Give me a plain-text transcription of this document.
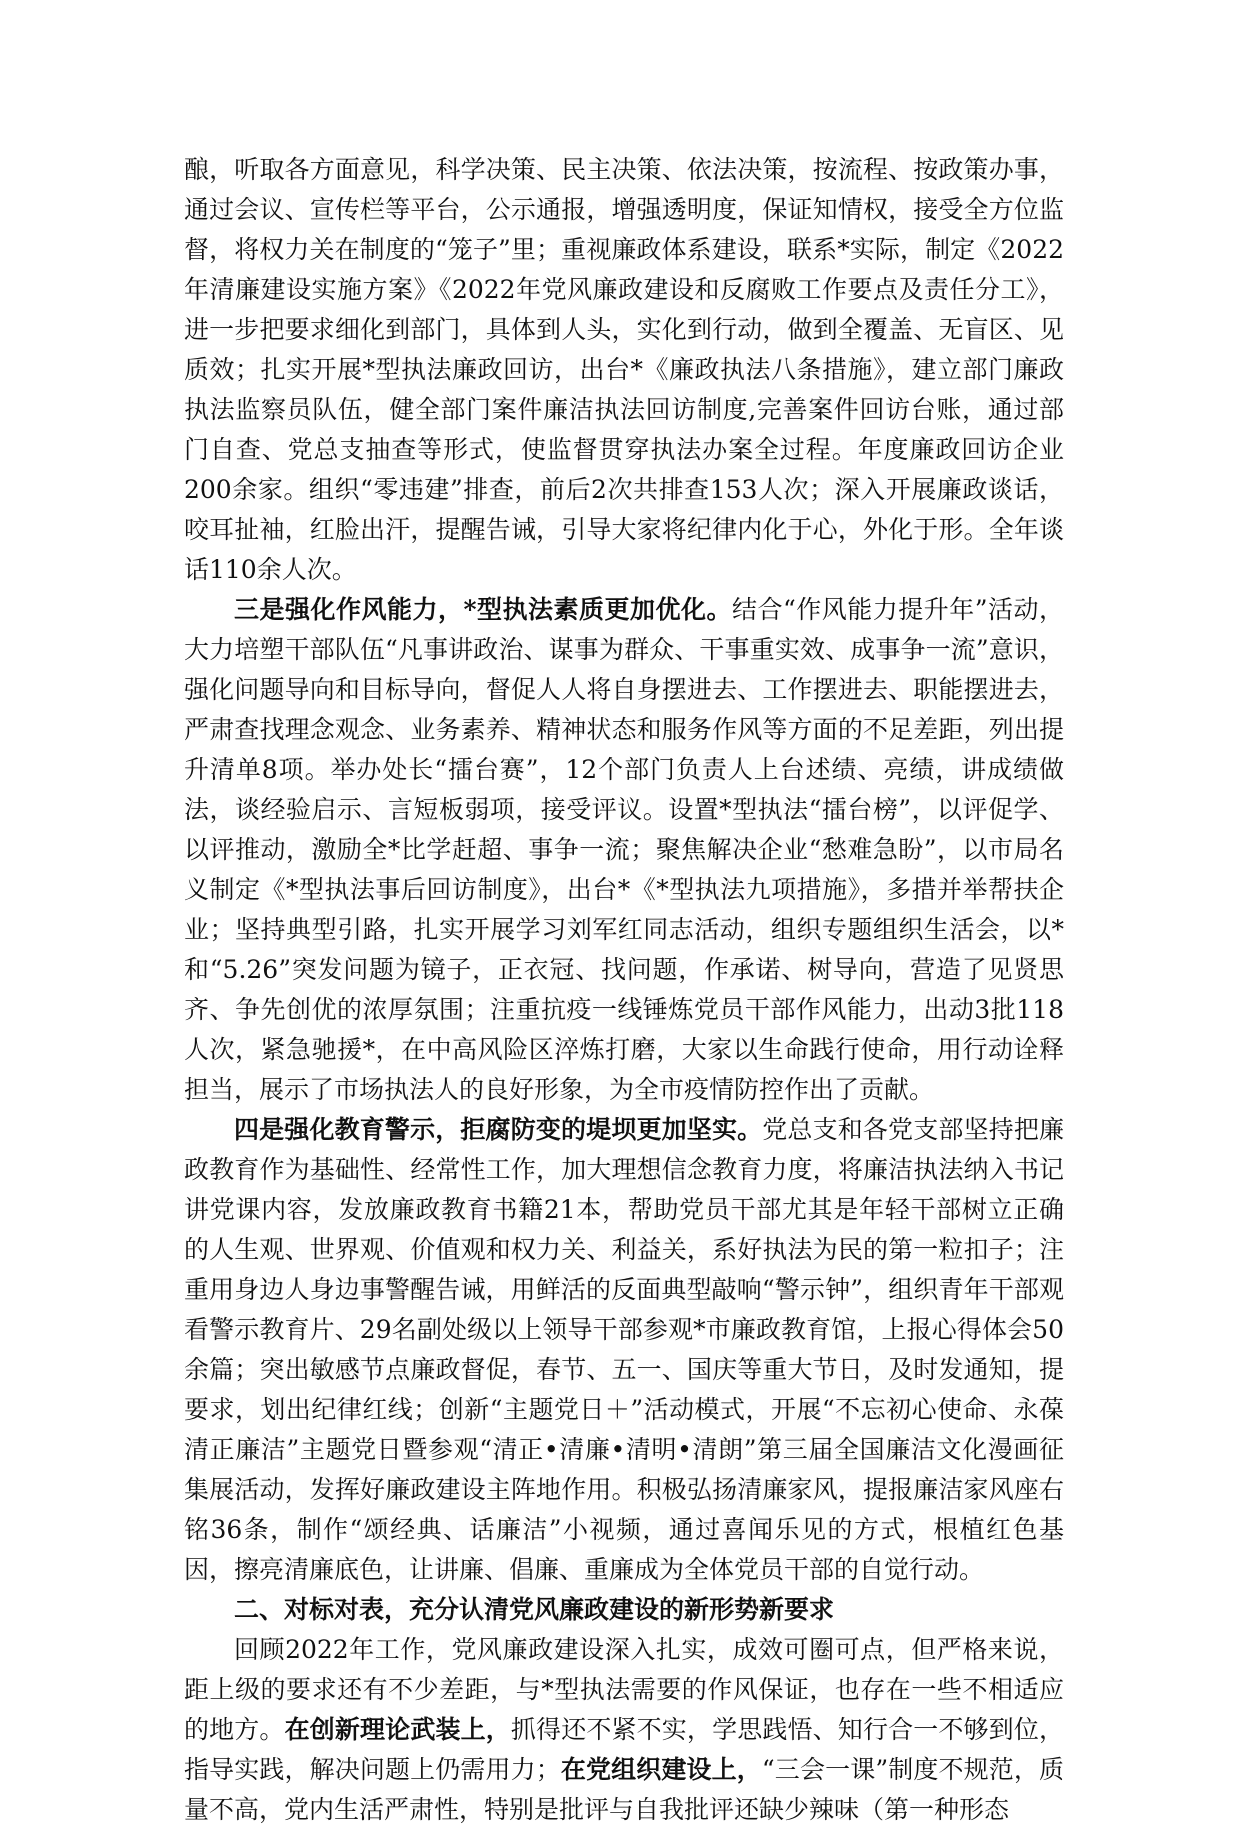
酿，听取各方面意见，科学决策、民主决策、依法决策，按流程、按政策办事，通过会议、宣传栏等平台，公示通报，增强透明度，保证知情权，接受全方位监督，将权力关在制度的“笼子”里；重视廉政体系建设，联系*实际，制定《2022年清廉建设实施方案》《2022年党风廉政建设和反腐败工作要点及责任分工》，进一步把要求细化到部门，具体到人头，实化到行动，做到全覆盖、无盲区、见质效；扎实开展*型执法廉政回访，出台*《廉政执法八条措施》，建立部门廉政执法监察员队伍，健全部门案件廉洁执法回访制度,完善案件回访台账，通过部门自查、党总支抽查等形式，使监督贯穿执法办案全过程。年度廉政回访企业200余家。组织“零违建”排查，前后2次共排查153人次；深入开展廉政谈话，咬耳扯袖，红脸出汗，提醒告诫，引导大家将纪律内化于心，外化于形。全年谈话110余人次。

三是强化作风能力，*型执法素质更加优化。结合“作风能力提升年”活动，大力培塑干部队伍“凡事讲政治、谋事为群众、干事重实效、成事争一流”意识，强化问题导向和目标导向，督促人人将自身摆进去、工作摆进去、职能摆进去，严肃查找理念观念、业务素养、精神状态和服务作风等方面的不足差距，列出提升清单8项。举办处长“擂台赛”，12个部门负责人上台述绩、亮绩，讲成绩做法，谈经验启示、言短板弱项，接受评议。设置*型执法“擂台榜”，以评促学、以评推动，激励全*比学赶超、事争一流；聚焦解决企业“愁难急盼”，以市局名义制定《*型执法事后回访制度》，出台*《*型执法九项措施》，多措并举帮扶企业；坚持典型引路，扎实开展学习刘军红同志活动，组织专题组织生活会，以*和“5.26”突发问题为镜子，正衣冠、找问题，作承诺、树导向，营造了见贤思齐、争先创优的浓厚氛围；注重抗疫一线锤炼党员干部作风能力，出动3批118人次，紧急驰援*，在中高风险区淬炼打磨，大家以生命践行使命，用行动诠释担当，展示了市场执法人的良好形象，为全市疫情防控作出了贡献。

四是强化教育警示，拒腐防变的堤坝更加坚实。党总支和各党支部坚持把廉政教育作为基础性、经常性工作，加大理想信念教育力度，将廉洁执法纳入书记讲党课内容，发放廉政教育书籍21本，帮助党员干部尤其是年轻干部树立正确的人生观、世界观、价值观和权力关、利益关，系好执法为民的第一粒扣子；注重用身边人身边事警醒告诫，用鲜活的反面典型敲响“警示钟”，组织青年干部观看警示教育片、29名副处级以上领导干部参观*市廉政教育馆，上报心得体会50余篇；突出敏感节点廉政督促，春节、五一、国庆等重大节日，及时发通知，提要求，划出纪律红线；创新“主题党日＋”活动模式，开展“不忘初心使命、永葆清正廉洁”主题党日暨参观“清正•清廉•清明•清朗”第三届全国廉洁文化漫画征集展活动，发挥好廉政建设主阵地作用。积极弘扬清廉家风，提报廉洁家风座右铭36条，制作“颂经典、话廉洁”小视频，通过喜闻乐见的方式，根植红色基因，擦亮清廉底色，让讲廉、倡廉、重廉成为全体党员干部的自觉行动。

二、对标对表，充分认清党风廉政建设的新形势新要求

回顾2022年工作，党风廉政建设深入扎实，成效可圈可点，但严格来说，距上级的要求还有不少差距，与*型执法需要的作风保证，也存在一些不相适应的地方。在创新理论武装上，抓得还不紧不实，学思践悟、知行合一不够到位，指导实践，解决问题上仍需用力；在党组织建设上，“三会一课”制度不规范，质量不高，党内生活严肃性，特别是批评与自我批评还缺少辣味（第一种形态
